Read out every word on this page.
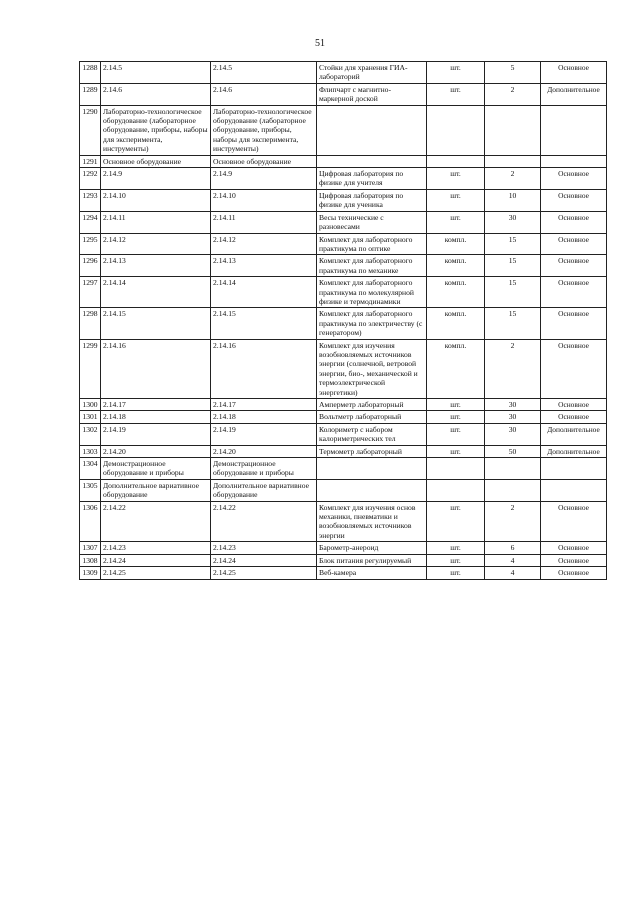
51
1288	2.14.5	2.14.5	Стойки для хранения ГИА-лабораторий	шт.	5	Основное
1289	2.14.6	2.14.6	Флипчарт с магнитно-маркерной доской	шт.	2	Дополнительное
1290	Лабораторно-технологическое оборудование (лабораторное оборудование, приборы, наборы для эксперимента, инструменты)	Лабораторно-технологическое оборудование (лабораторное оборудование, приборы, наборы для эксперимента, инструменты)				
1291	Основное оборудование	Основное оборудование				
1292	2.14.9	2.14.9	Цифровая лаборатория по физике для учителя	шт.	2	Основное
1293	2.14.10	2.14.10	Цифровая лаборатория по физике для ученика	шт.	10	Основное
1294	2.14.11	2.14.11	Весы технические с разновесами	шт.	30	Основное
1295	2.14.12	2.14.12	Комплект для лабораторного практикума по оптике	компл.	15	Основное
1296	2.14.13	2.14.13	Комплект для лабораторного практикума по механике	компл.	15	Основное
1297	2.14.14	2.14.14	Комплект для лабораторного практикума по молекулярной физике и термодинамики	компл.	15	Основное
1298	2.14.15	2.14.15	Комплект для лабораторного практикума по электричеству (с генератором)	компл.	15	Основное
1299	2.14.16	2.14.16	Комплект для изучения возобновляемых источников энергии (солнечной, ветровой энергии, био-, механической и термоэлектрической энергетики)	компл.	2	Основное
1300	2.14.17	2.14.17	Амперметр лабораторный	шт.	30	Основное
1301	2.14.18	2.14.18	Вольтметр лабораторный	шт.	30	Основное
1302	2.14.19	2.14.19	Колориметр с набором калориметрических тел	шт.	30	Дополнительное
1303	2.14.20	2.14.20	Термометр лабораторный	шт.	50	Дополнительное
1304	Демонстрационное оборудование и приборы	Демонстрационное оборудование и приборы				
1305	Дополнительное вариативное оборудование	Дополнительное вариативное оборудование				
1306	2.14.22	2.14.22	Комплект для изучения основ механики, пневматики и возобновляемых источников энергии	шт.	2	Основное
1307	2.14.23	2.14.23	Барометр-анероид	шт.	6	Основное
1308	2.14.24	2.14.24	Блок питания регулируемый	шт.	4	Основное
1309	2.14.25	2.14.25	Веб-камера	шт.	4	Основное
